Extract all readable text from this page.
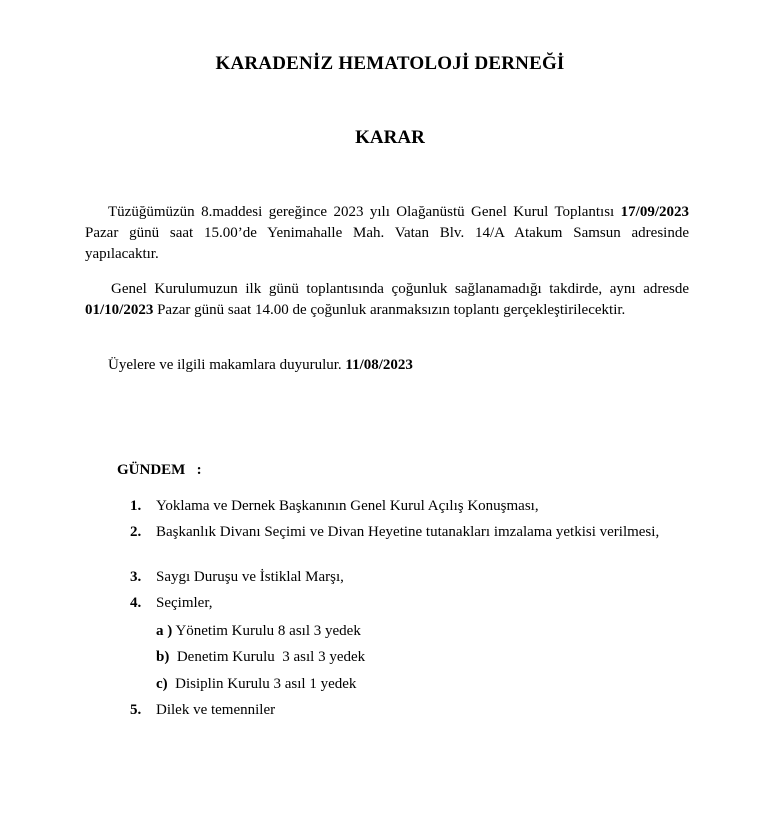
KARADENİZ HEMATOLOJİ DERNEĞİ
KARAR

Tüzüğümüzün 8.maddesi gereğince 2023 yılı Olağanüstü Genel Kurul Toplantısı 17/09/2023 Pazar günü saat 15.00’de Yenimahalle Mah. Vatan Blv. 14/A Atakum Samsun adresinde yapılacaktır.

Genel Kurulumuzun ilk günü toplantısında çoğunluk sağlanamadığı takdirde, aynı adresde 01/10/2023 Pazar günü saat 14.00 de çoğunluk aranmaksızın toplantı gerçekleştirilecektir.

Üyelere ve ilgili makamlara duyurulur. 11/08/2023

GÜNDEM   :
1. Yoklama ve Dernek Başkanının Genel Kurul Açılış Konuşması,
2. Başkanlık Divanı Seçimi ve Divan Heyetine tutanakları imzalama yetkisi verilmesi,
3. Saygı Duruşu ve İstiklal Marşı,
4. Seçimler,
a ) Yönetim Kurulu 8 asıl 3 yedek
b)  Denetim Kurulu  3 asıl 3 yedek
c)  Disiplin Kurulu 3 asıl 1 yedek
5. Dilek ve temenniler
